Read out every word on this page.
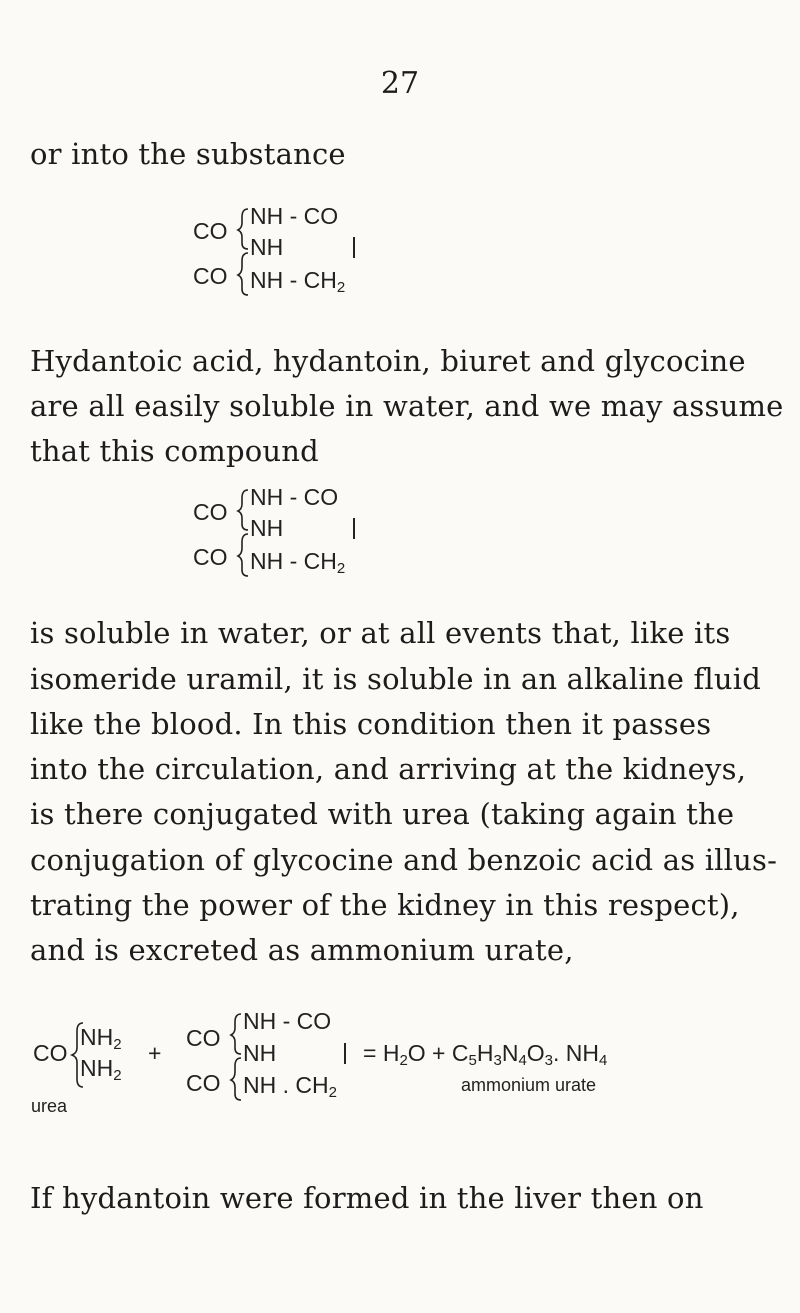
27
or into the substance
CO
CO
NH - CO
NH
NH - $CH_2$
Hydantoic acid, hydantoin, biuret and glycocine
are all easily soluble in water, and we may assume
that this compound
CO
CO
NH - CO
NH
NH - $CH_2$
is soluble in water, or at all events that, like its
isomeride uramil, it is soluble in an alkaline fluid
like the blood. In this condition then it passes
into the circulation, and arriving at the kidneys,
is there conjugated with urea (taking again the
conjugation of glycocine and benzoic acid as illus-
trating the power of the kidney in this respect),
and is excreted as ammonium urate,
CO
$NH_2$
$NH_2$
+
CO
CO
NH - CO
NH
NH . $CH_2$
= $H_2O + C_5H_3N_4O_3$. $NH_4$
urea
ammonium urate
If hydantoin were formed in the liver then on
